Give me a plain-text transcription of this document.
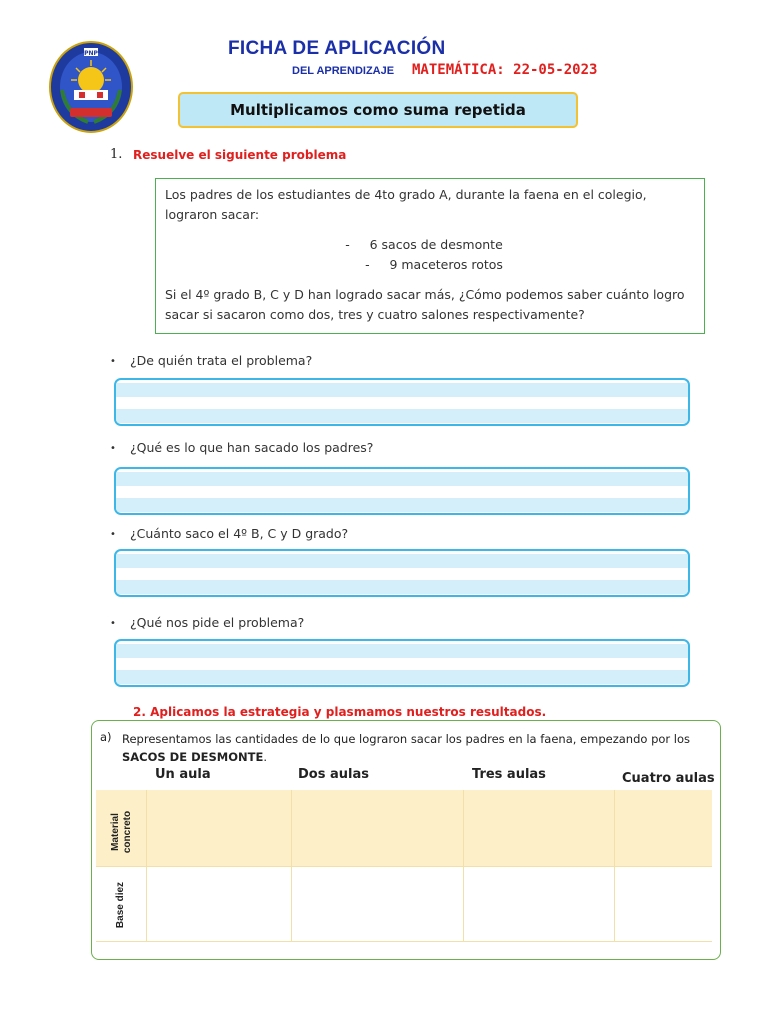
PNP	FICHA DE APLICACIÓN
DEL APRENDIZAJE MATEMÁTICA: 22-05-2023
Multiplicamos como suma repetida
1. Resuelve el siguiente problema

Los padres de los estudiantes de 4to grado A, durante la faena en el colegio, lograron sacar:

-     6 sacos de desmonte

-     9 maceteros rotos

Si el 4º grado B, C y D han logrado sacar más, ¿Cómo podemos saber cuánto logro sacar si sacaron como dos, tres y cuatro salones respectivamente?

• ¿De quién trata el problema?
• ¿Qué es lo que han sacado los padres?
• ¿Cuánto saco el 4º B, C y D grado?
• ¿Qué nos pide el problema?
2. Aplicamos la estrategia y plasmamos nuestros resultados.
a) Representamos las cantidades de lo que lograron sacar los padres en la faena, empezando por los
SACOS DE DESMONTE.
Un aula	Dos aulas	Tres aulas	Cuatro aulas
Material
concreto
Base diez
